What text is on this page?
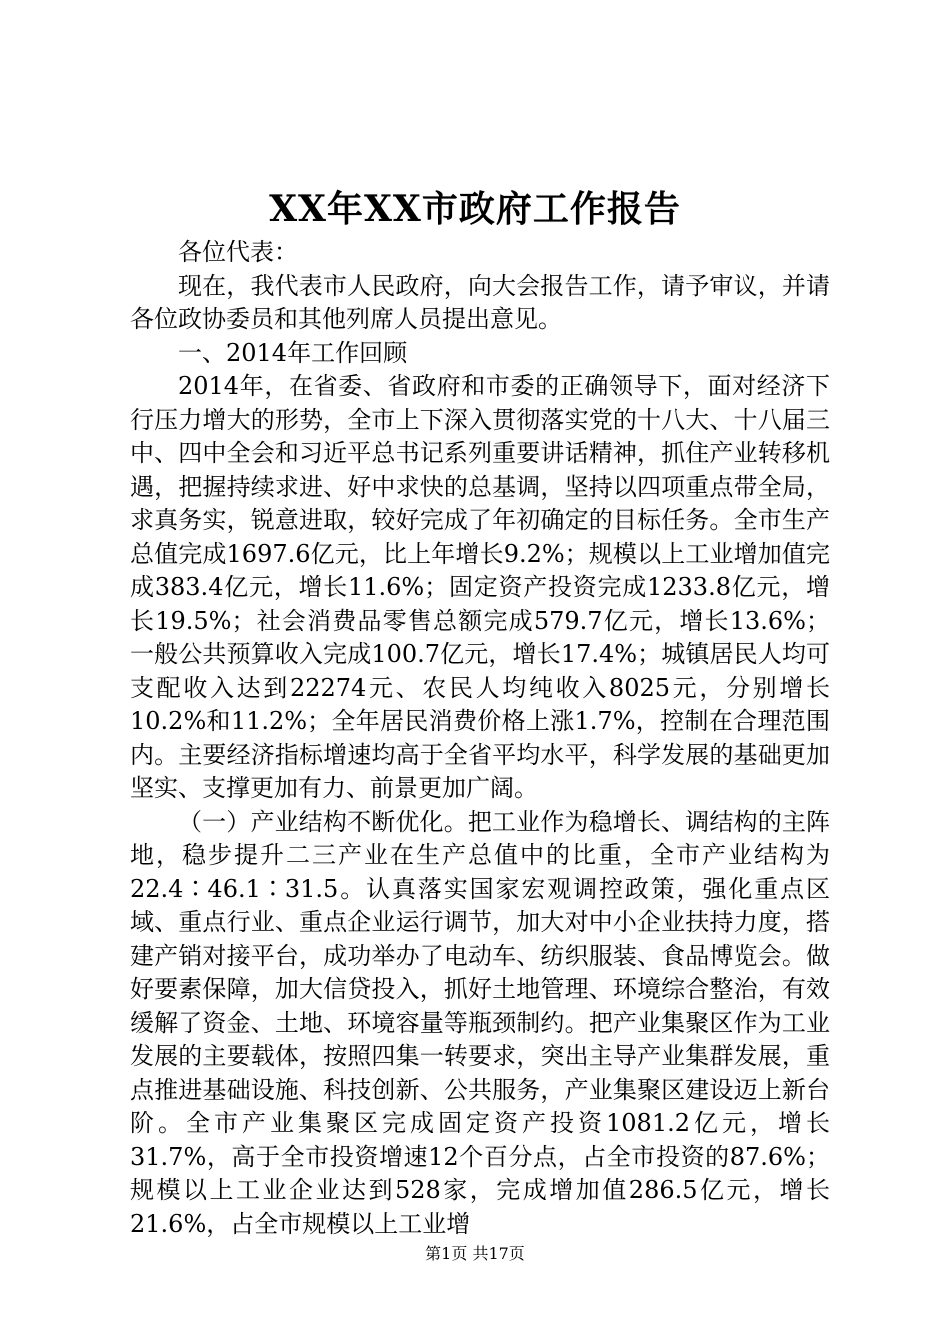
XX年XX市政府工作报告

各位代表：

现在，我代表市人民政府，向大会报告工作，请予审议，并请各位政协委员和其他列席人员提出意见。

一、2014年工作回顾

2014年，在省委、省政府和市委的正确领导下，面对经济下行压力增大的形势，全市上下深入贯彻落实党的十八大、十八届三中、四中全会和习近平总书记系列重要讲话精神，抓住产业转移机遇，把握持续求进、好中求快的总基调，坚持以四项重点带全局，求真务实，锐意进取，较好完成了年初确定的目标任务。全市生产总值完成1697.6亿元，比上年增长9.2%；规模以上工业增加值完成383.4亿元，增长11.6%；固定资产投资完成1233.8亿元，增长19.5%；社会消费品零售总额完成579.7亿元，增长13.6%；一般公共预算收入完成100.7亿元，增长17.4%；城镇居民人均可支配收入达到22274元、农民人均纯收入8025元，分别增长10.2%和11.2%；全年居民消费价格上涨1.7%，控制在合理范围内。主要经济指标增速均高于全省平均水平，科学发展的基础更加坚实、支撑更加有力、前景更加广阔。

（一）产业结构不断优化。把工业作为稳增长、调结构的主阵地，稳步提升二三产业在生产总值中的比重，全市产业结构为22.4∶46.1∶31.5。认真落实国家宏观调控政策，强化重点区域、重点行业、重点企业运行调节，加大对中小企业扶持力度，搭建产销对接平台，成功举办了电动车、纺织服装、食品博览会。做好要素保障，加大信贷投入，抓好土地管理、环境综合整治，有效缓解了资金、土地、环境容量等瓶颈制约。把产业集聚区作为工业发展的主要载体，按照四集一转要求，突出主导产业集群发展，重点推进基础设施、科技创新、公共服务，产业集聚区建设迈上新台阶。全市产业集聚区完成固定资产投资1081.2亿元，增长31.7%，高于全市投资增速12个百分点，占全市投资的87.6%；规模以上工业企业达到528家，完成增加值286.5亿元，增长21.6%，占全市规模以上工业增

第1页 共17页
